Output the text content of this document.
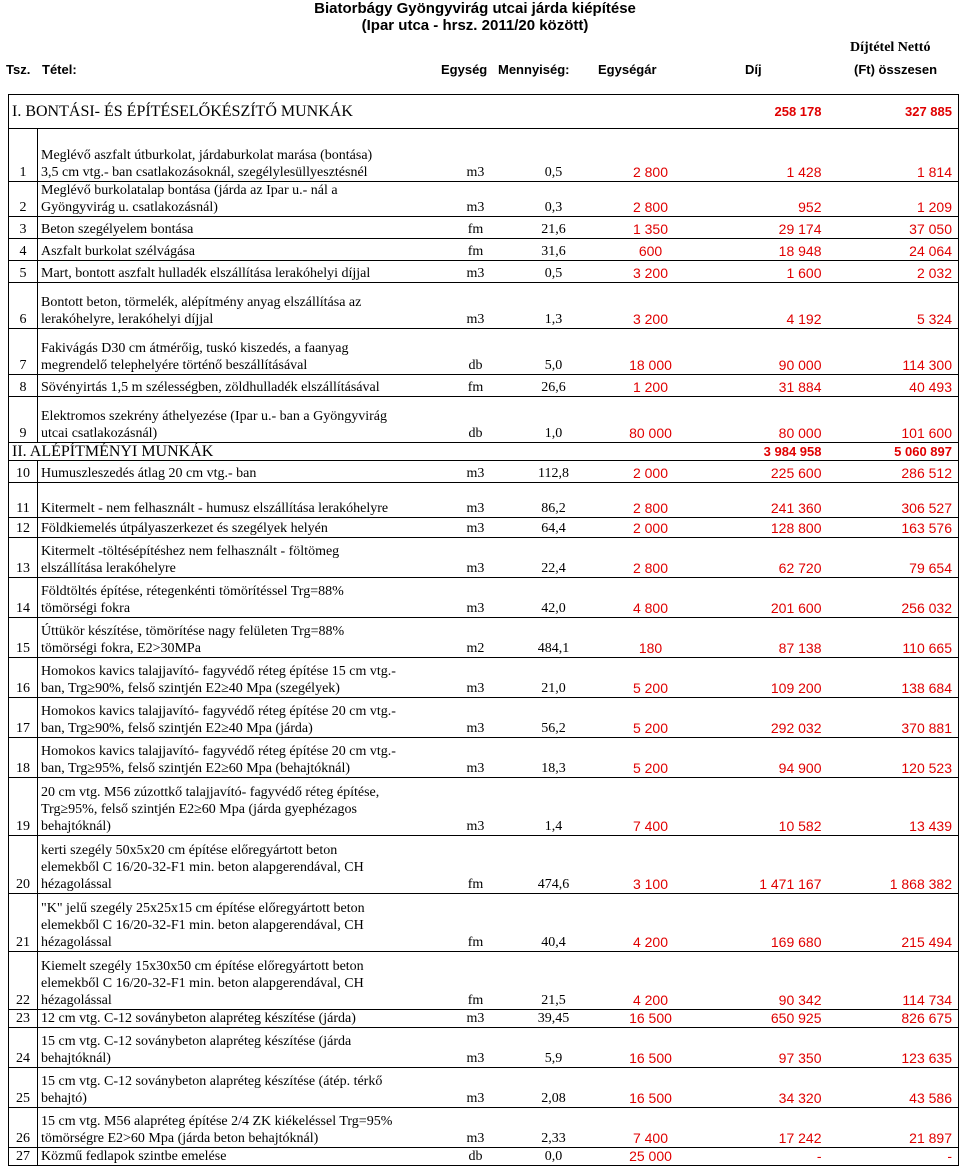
Biatorbágy Gyöngyvirág utcai járda kiépítése
(Ipar utca - hrsz. 2011/20 között)
Tsz. Tétel:	Egység Mennyiség: Egységár	Díj
Díjtétel Nettó
(Ft) összesen
I. BONTÁSI- ÉS ÉPÍTÉSELŐKÉSZÍTŐ MUNKÁK					258 178	327 885
1	Meglévő aszfalt útburkolat, járdaburkolat marása (bontása)
3,5 cm vtg.- ban csatlakozásoknál, szegélylesüllyesztésnél	m3	0,5	2 800	1 428	1 814
2	Meglévő burkolatalap bontása (járda az Ipar u.- nál a
Gyöngyvirág u. csatlakozásnál)	m3	0,3	2 800	952	1 209
3	Beton szegélyelem bontása	fm	21,6	1 350	29 174	37 050
4	Aszfalt burkolat szélvágása	fm	31,6	600	18 948	24 064
5	Mart, bontott aszfalt hulladék elszállítása lerakóhelyi díjjal	m3	0,5	3 200	1 600	2 032
6	Bontott beton, törmelék, alépítmény anyag elszállítása az
lerakóhelyre, lerakóhelyi díjjal	m3	1,3	3 200	4 192	5 324
7	Fakivágás D30 cm átmérőig, tuskó kiszedés, a faanyag
megrendelő telephelyére történő beszállításával	db	5,0	18 000	90 000	114 300
8	Sövényirtás 1,5 m szélességben, zöldhulladék elszállításával	fm	26,6	1 200	31 884	40 493
9	Elektromos szekrény áthelyezése (Ipar u.- ban a Gyöngyvirág
utcai csatlakozásnál)	db	1,0	80 000	80 000	101 600
II. ALÉPÍTMÉNYI MUNKÁK					3 984 958	5 060 897
10	Humuszleszedés átlag 20 cm vtg.- ban	m3	112,8	2 000	225 600	286 512
11	Kitermelt - nem felhasznált - humusz elszállítása lerakóhelyre	m3	86,2	2 800	241 360	306 527
12	Földkiemelés útpályaszerkezet és szegélyek helyén	m3	64,4	2 000	128 800	163 576
13	Kitermelt -töltésépítéshez nem felhasznált - föltömeg
elszállítása lerakóhelyre	m3	22,4	2 800	62 720	79 654
14	Földtöltés építése, rétegenkénti tömörítéssel Trg=88%
tömörségi fokra	m3	42,0	4 800	201 600	256 032
15	Úttükör készítése, tömörítése nagy felületen Trg=88%
tömörségi fokra, E2>30MPa	m2	484,1	180	87 138	110 665
16	Homokos kavics talajjavító- fagyvédő réteg építése 15 cm vtg.-
ban, Trg≥90%, felső szintjén E2≥40 Mpa (szegélyek)	m3	21,0	5 200	109 200	138 684
17	Homokos kavics talajjavító- fagyvédő réteg építése 20 cm vtg.-
ban, Trg≥90%, felső szintjén E2≥40 Mpa (járda)	m3	56,2	5 200	292 032	370 881
18	Homokos kavics talajjavító- fagyvédő réteg építése 20 cm vtg.-
ban, Trg≥95%, felső szintjén E2≥60 Mpa (behajtóknál)	m3	18,3	5 200	94 900	120 523
19	20 cm vtg. M56 zúzottkő talajjavító- fagyvédő réteg építése,
Trg≥95%, felső szintjén E2≥60 Mpa (járda gyephézagos
behajtóknál)	m3	1,4	7 400	10 582	13 439
20	kerti szegély 50x5x20 cm építése előregyártott beton
elemekből C 16/20-32-F1 min. beton alapgerendával, CH
hézagolással	fm	474,6	3 100	1 471 167	1 868 382
21	"K" jelű szegély 25x25x15 cm építése előregyártott beton
elemekből C 16/20-32-F1 min. beton alapgerendával, CH
hézagolással	fm	40,4	4 200	169 680	215 494
22	Kiemelt szegély 15x30x50 cm építése előregyártott beton
elemekből C 16/20-32-F1 min. beton alapgerendával, CH
hézagolással	fm	21,5	4 200	90 342	114 734
23	12 cm vtg. C-12 soványbeton alapréteg készítése (járda)	m3	39,45	16 500	650 925	826 675
24	15 cm vtg. C-12 soványbeton alapréteg készítése (járda
behajtóknál)	m3	5,9	16 500	97 350	123 635
25	15 cm vtg. C-12 soványbeton alapréteg készítése (átép. térkő
behajtó)	m3	2,08	16 500	34 320	43 586
26	15 cm vtg. M56 alapréteg építése 2/4 ZK kiékeléssel Trg=95%
tömörségre E2>60 Mpa (járda beton behajtóknál)	m3	2,33	7 400	17 242	21 897
27	Közmű fedlapok szintbe emelése	db	0,0	25 000	-	-
